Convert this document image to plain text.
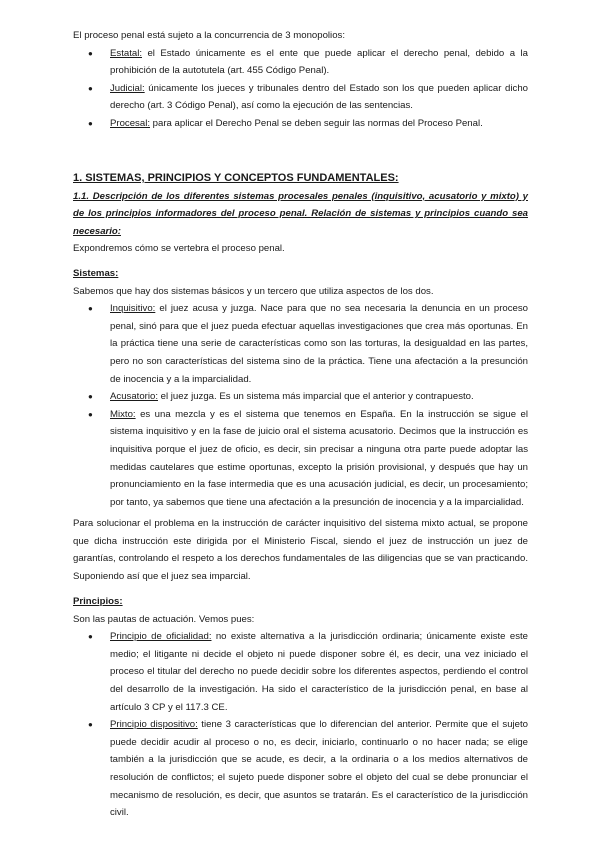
El proceso penal está sujeto a la concurrencia de 3 monopolios:

● Estatal: el Estado únicamente es el ente que puede aplicar el derecho penal, debido a la prohibición de la autotutela (art. 455 Código Penal).
● Judicial: únicamente los jueces y tribunales dentro del Estado son los que pueden aplicar dicho derecho (art. 3 Código Penal), así como la ejecución de las sentencias.
● Procesal: para aplicar el Derecho Penal se deben seguir las normas del Proceso Penal.

1. SISTEMAS, PRINCIPIOS Y CONCEPTOS FUNDAMENTALES:

1.1. Descripción de los diferentes sistemas procesales penales (inquisitivo, acusatorio y mixto) y de los principios informadores del proceso penal. Relación de sistemas y principios cuando sea necesario:

Expondremos cómo se vertebra el proceso penal.

Sistemas:

Sabemos que hay dos sistemas básicos y un tercero que utiliza aspectos de los dos.

● Inquisitivo: el juez acusa y juzga. Nace para que no sea necesaria la denuncia en un proceso penal, sinó para que el juez pueda efectuar aquellas investigaciones que crea más oportunas. En la práctica tiene una serie de características como son las torturas, la desigualdad en las partes, pero no son características del sistema sino de la práctica. Tiene una afectación a la presunción de inocencia y a la imparcialidad.
● Acusatorio: el juez juzga. Es un sistema más imparcial que el anterior y contrapuesto.
● Mixto: es una mezcla y es el sistema que tenemos en España. En la instrucción se sigue el sistema inquisitivo y en la fase de juicio oral el sistema acusatorio. Decimos que la instrucción es inquisitiva porque el juez de oficio, es decir, sin precisar a ninguna otra parte puede adoptar las medidas cautelares que estime oportunas, excepto la prisión provisional, y después que hay un pronunciamiento en la fase intermedia que es una acusación judicial, es decir, un procesamiento; por tanto, ya sabemos que tiene una afectación a la presunción de inocencia y a la imparcialidad.

Para solucionar el problema en la instrucción de carácter inquisitivo del sistema mixto actual, se propone que dicha instrucción este dirigida por el Ministerio Fiscal, siendo el juez de instrucción un juez de garantías, controlando el respeto a los derechos fundamentales de las diligencias que se van practicando. Suponiendo así que el juez sea imparcial.

Principios:

Son las pautas de actuación. Vemos pues:

● Principio de oficialidad: no existe alternativa a la jurisdicción ordinaria; únicamente existe este medio; el litigante ni decide el objeto ni puede disponer sobre él, es decir, una vez iniciado el proceso el titular del derecho no puede decidir sobre los diferentes aspectos, perdiendo el control del desarrollo de la investigación. Ha sido el característico de la jurisdicción penal, en base al artículo 3 CP y el 117.3 CE.
● Principio dispositivo: tiene 3 características que lo diferencian del anterior. Permite que el sujeto puede decidir acudir al proceso o no, es decir, iniciarlo, continuarlo o no hacer nada; se elige también a la jurisdicción que se acude, es decir, a la ordinaria o a los medios alternativos de resolución de conflictos; el sujeto puede disponer sobre el objeto del cual se debe pronunciar el mecanismo de resolución, es decir, que asuntos se tratarán. Es el característico de la jurisdicción civil.
